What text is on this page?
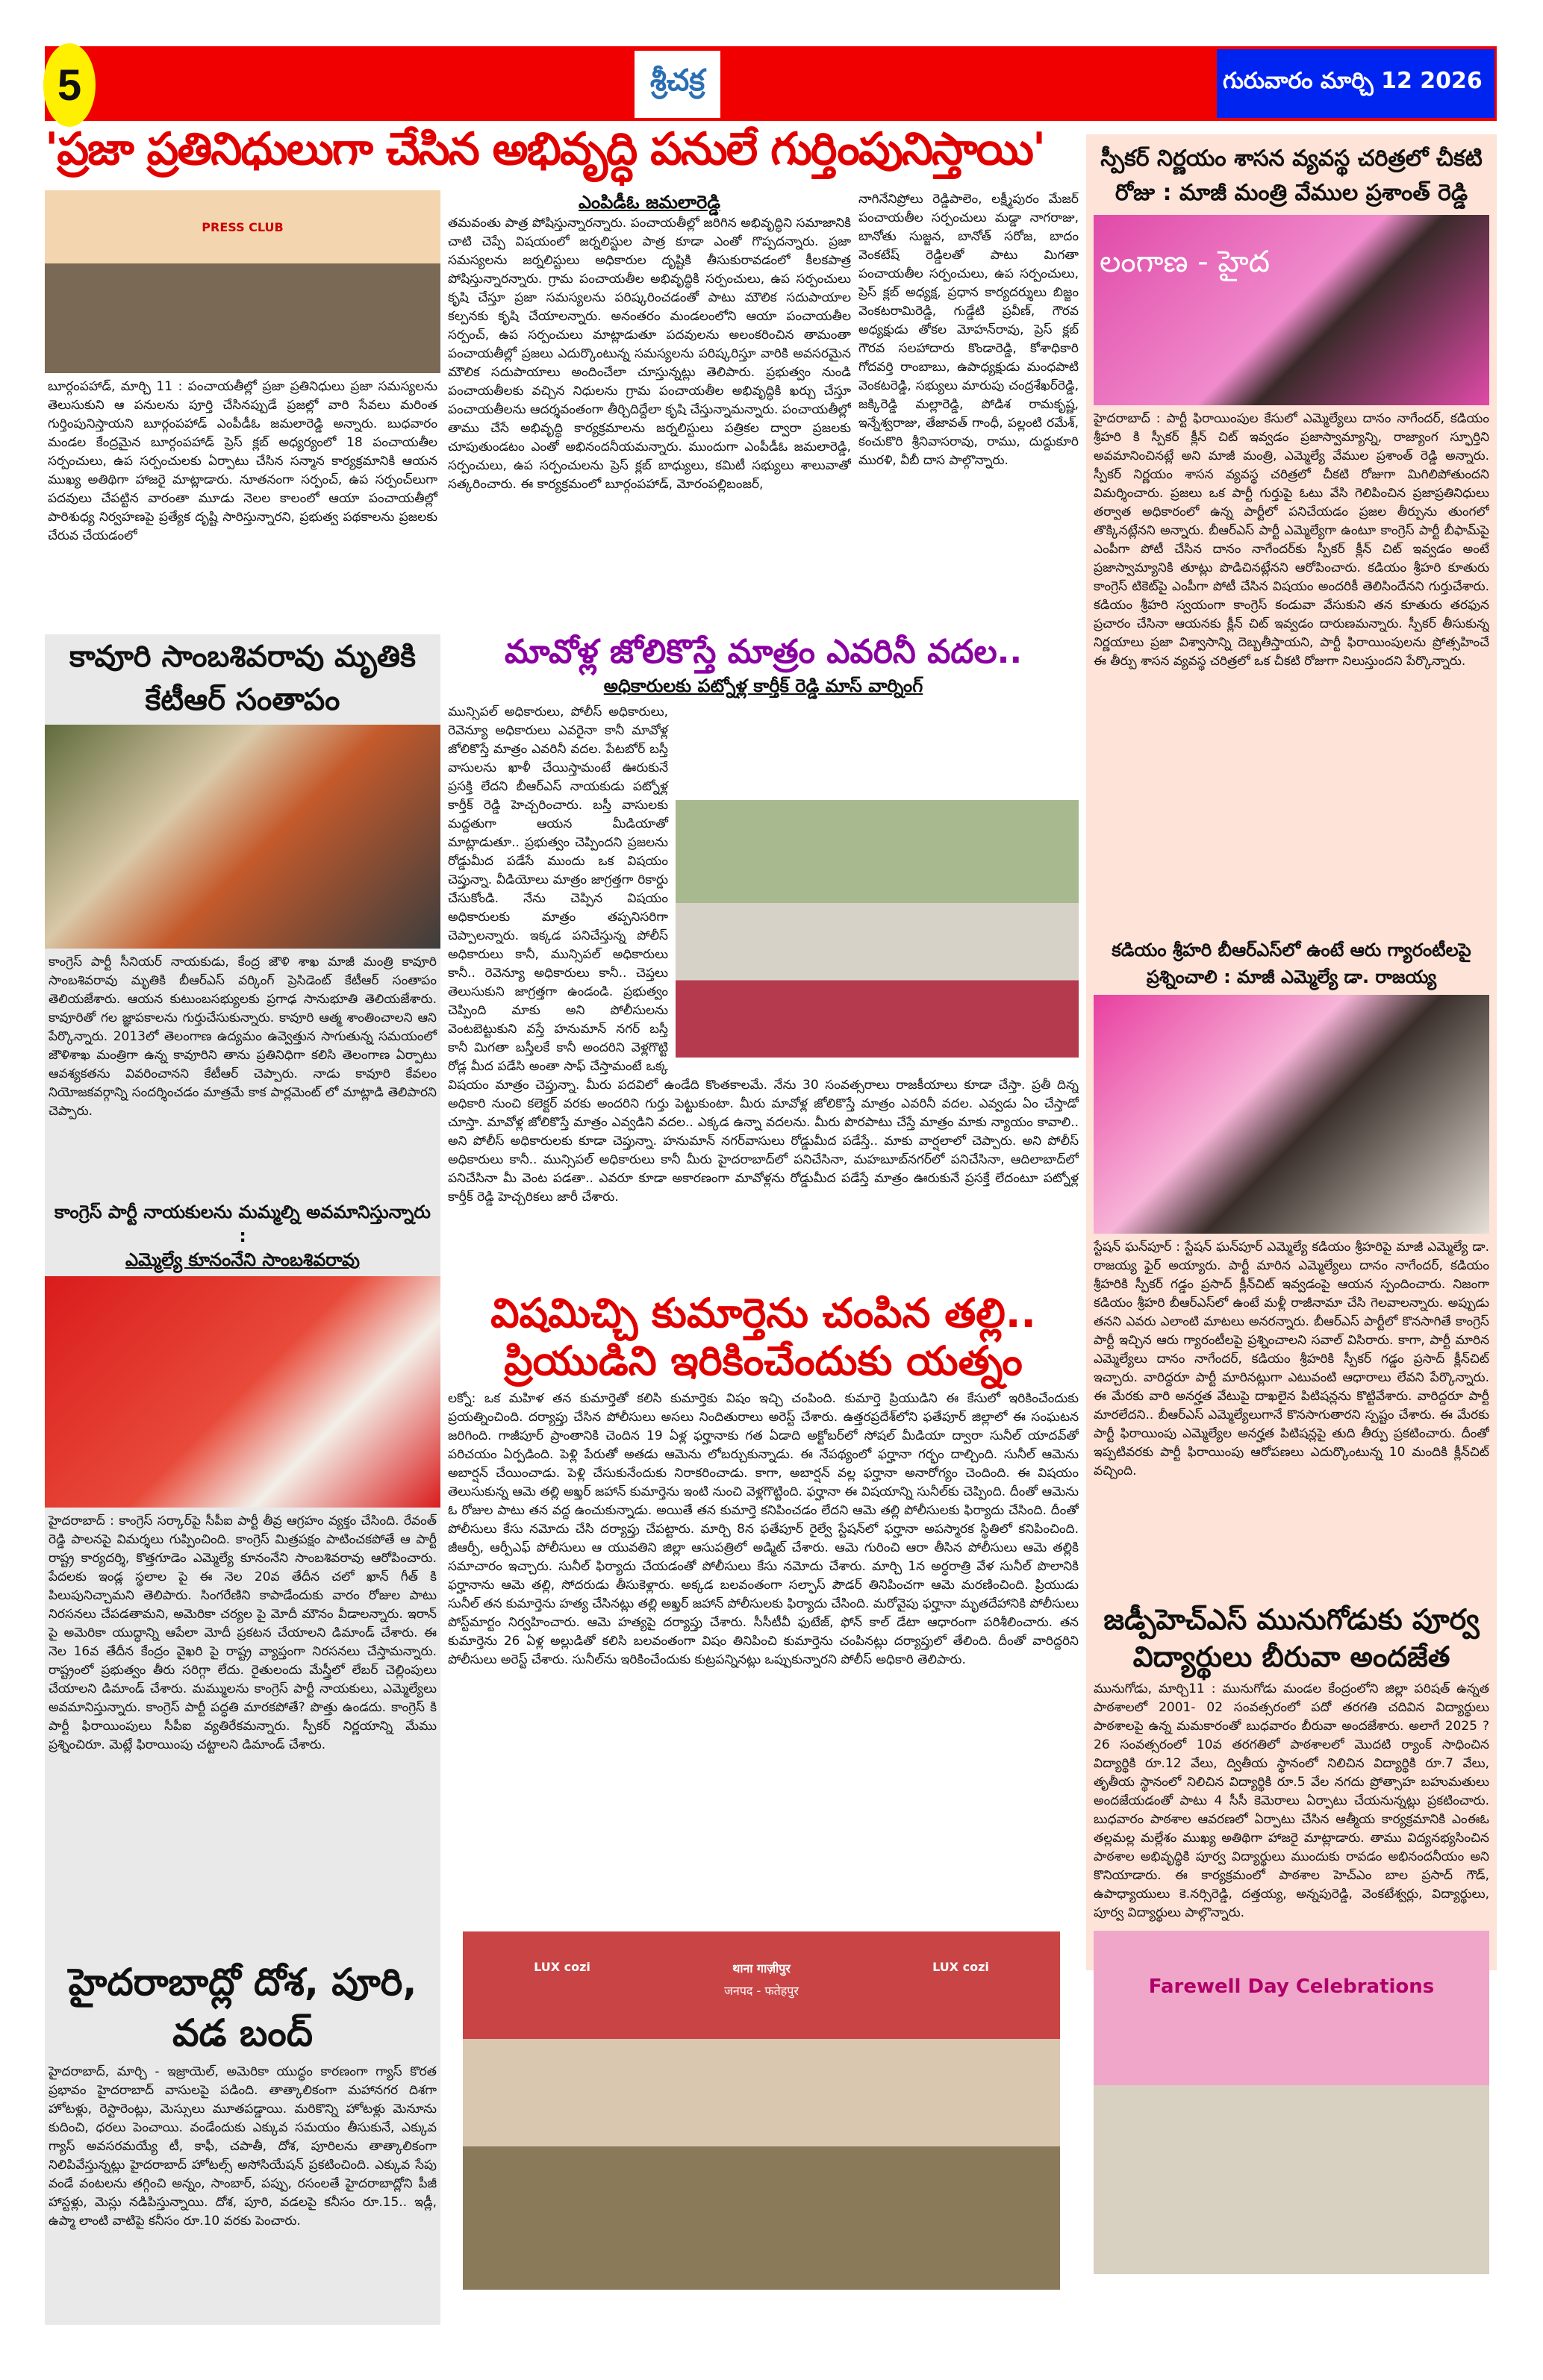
5	శ్రీచక్ర	గురువారం మార్చి 12 2026
'ప్రజా ప్రతినిధులుగా చేసిన అభివృద్ధి పనులే గుర్తింపునిస్తాయి'
PRESS CLUB
బూర్గంపహాడ్, మార్చి 11 : పంచాయతీల్లో ప్రజా ప్రతినిధులు ప్రజా సమస్యలను తెలుసుకుని ఆ పనులను పూర్తి చేసినప్పుడే ప్రజల్లో వారి సేవలు మరింత గుర్తింపునిస్తాయని బూర్గంపహాడ్ ఎంపీడీఓ జమలారెడ్డి అన్నారు. బుధవారం మండల కేంద్రమైన బూర్గంపహాడ్ ప్రెస్ క్లబ్ అధ్యర్యంలో 18 పంచాయతీల సర్పంచులు, ఉప సర్పంచులకు ఏర్పాటు చేసిన సన్మాన కార్యక్రమానికి ఆయన ముఖ్య అతిథిగా హాజరై మాట్లాడారు. నూతనంగా సర్పంచ్, ఉప సర్పంచ్‌లుగా పదవులు చేపట్టిన వారంతా మూడు నెలల కాలంలో ఆయా పంచాయతీల్లో పారిశుధ్య నిర్వహణపై ప్రత్యేక దృష్టి సారిస్తున్నారని, ప్రభుత్వ పథకాలను ప్రజలకు చేరువ చేయడంలో
కావూరి సాంబశివరావు మృతికి కేటీఆర్ సంతాపం
కాంగ్రెస్ పార్టీ సీనియర్ నాయకుడు, కేంద్ర జౌళి శాఖ మాజీ మంత్రి కావూరి సాంబశివరావు మృతికి బీఆర్‌ఎస్ వర్కింగ్ ప్రెసిడెంట్ కేటీఆర్ సంతాపం తెలియజేశారు. ఆయన కుటుంబసభ్యులకు ప్రగాఢ సానుభూతి తెలియజేశారు. కావూరితో గల జ్ఞాపకాలను గుర్తుచేసుకున్నారు. కావూరి ఆత్మ శాంతించాలని ఆని పేర్కొన్నారు. 2013లో తెలంగాణ ఉద్యమం ఉవ్వెత్తున సాగుతున్న సమయంలో జౌళిశాఖ మంత్రిగా ఉన్న కావూరిని తాను ప్రతినిధిగా కలిసి తెలంగాణ ఏర్పాటు ఆవశ్యకతను వివరించానని కేటీఆర్ చెప్పారు. నాడు కావూరి కేవలం నియోజకవర్గాన్ని సందర్శించడం మాత్రమే కాక పార్లమెంట్ లో మాట్లాడి తెలిపారని చెప్పారు.
కాంగ్రెస్ పార్టీ నాయకులను మమ్మల్ని అవమానిస్తున్నారు :
ఎమ్మెల్యే కూనంనేని సాంబశివరావు
హైదరాబాద్ : కాంగ్రెస్ సర్కార్‌పై సీపీఐ పార్టీ తీవ్ర ఆగ్రహం వ్యక్తం చేసింది. రేవంత్ రెడ్డి పాలనపై విమర్శలు గుప్పించింది. కాంగ్రెస్ మిత్రపక్షం పాటించకపోతే ఆ పార్టీ రాష్ట్ర కార్యదర్శి, కొత్తగూడెం ఎమ్మెల్యే కూనంనేని సాంబశివరావు ఆరోపించారు. పేదలకు ఇండ్ల స్థలాల పై ఈ నెల 20వ తేదీన చలో ఖాన్ గీత్ కి పిలుపునిచ్చామని తెలిపారు. సింగరేణిని కాపాడేందుకు వారం రోజుల పాటు నిరసనలు చేపడతామని, అమెరికా చర్యల పై మోదీ మౌనం వీడాలన్నారు. ఇరాన్ పై అమెరికా యుద్ధాన్ని ఆపేలా మోదీ ప్రకటన చేయాలని డిమాండ్ చేశారు. ఈ నెల 16వ తేదీన కేంద్రం వైఖరి పై రాష్ట్ర వ్యాప్తంగా నిరసనలు చేస్తామన్నారు. రాష్ట్రంలో ప్రభుత్వం తీరు సరిగ్గా లేదు. రైతులందు మేస్త్రీలో లేబర్ చెల్లింపులు చేయాలని డిమాండ్ చేశారు. మమ్ములను కాంగ్రెస్ పార్టీ నాయకులు, ఎమ్మెల్యేలు అవమానిస్తున్నారు. కాంగ్రెస్ పార్టీ పద్ధతి మారకపోతే? పొత్తు ఉండదు. కాంగ్రెస్ కి పార్టీ ఫిరాయింపులు సీపీఐ వ్యతిరేకమన్నారు. స్పీకర్ నిర్ణయాన్ని మేము ప్రశ్నించిరూ. మెట్లే ఫిరాయింపు చట్టాలని డిమాండ్ చేశారు.
హైదరాబాద్లో దోశ, పూరి, వడ బంద్
హైదరాబాద్, మార్చి - ఇజ్రాయెల్, అమెరికా యుద్ధం కారణంగా గ్యాస్ కొరత ప్రభావం హైదరాబాద్ వాసులపై పడింది. తాత్కాలికంగా మహానగర దిశగా హోటళ్లు, రెస్టారెంట్లు, మెస్సులు మూతపడ్డాయి. మరికొన్ని హోటళ్లు మెనూను కుదించి, ధరలు పెంచాయి. వండేందుకు ఎక్కువ సమయం తీసుకునే, ఎక్కువ గ్యాస్ అవసరమయ్యే టీ, కాఫీ, చపాతీ, దోశ, పూరిలను తాత్కాలికంగా నిలిపివేస్తున్నట్లు హైదరాబాద్ హోటల్స్ అసోసియేషన్ ప్రకటించింది. ఎక్కువ సేపు వండే వంటలను తగ్గించి అన్నం, సాంబార్, పప్పు, రసంలతే హైదరాబాద్లోని పీజీ హాస్టళ్లు, మెస్లు నడిపిస్తున్నాయి. దోశ, పూరి, వడలపై కనీసం రూ.15.. ఇడ్లీ, ఉప్మా లాంటి వాటిపై కనీసం రూ.10 వరకు పెంచారు.
ఎంపిడీఓ జమలారెడ్డి
తమవంతు పాత్ర పోషిస్తున్నారన్నారు. పంచాయతీల్లో జరిగిన అభివృద్ధిని సమాజానికి చాటి చెప్పే విషయంలో జర్నలిస్టుల పాత్ర కూడా ఎంతో గొప్పదన్నారు. ప్రజా సమస్యలను జర్నలిస్టులు అధికారుల దృష్టికి తీసుకురావడంలో కీలకపాత్ర పోషిస్తున్నారన్నారు. గ్రామ పంచాయతీల అభివృద్ధికి సర్పంచులు, ఉప సర్పంచులు కృషి చేస్తూ ప్రజా సమస్యలను పరిష్కరించడంతో పాటు మౌలిక సదుపాయాల కల్పనకు కృషి చేయాలన్నారు. అనంతరం మండలంలోని ఆయా పంచాయతీల సర్పంచ్, ఉప సర్పంచులు మాట్లాడుతూ పదవులను అలంకరించిన తామంతా పంచాయతీల్లో ప్రజలు ఎదుర్కొంటున్న సమస్యలను పరిష్కరిస్తూ వారికి అవసరమైన మౌలిక సదుపాయాలు అందించేలా చూస్తున్నట్లు తెలిపారు. ప్రభుత్వం నుండి పంచాయతీలకు వచ్చిన నిధులను గ్రామ పంచాయతీల అభివృద్ధికి ఖర్చు చేస్తూ పంచాయతీలను ఆదర్శవంతంగా తీర్చిదిద్దేలా కృషి చేస్తున్నామన్నారు. పంచాయతీల్లో తాము చేసే అభివృద్ధి కార్యక్రమాలను జర్నలిస్టులు పత్రికల ద్వారా ప్రజలకు చూపుతుండటం ఎంతో అభినందనీయమన్నారు. ముందుగా ఎంపీడీఓ జమలారెడ్డి, సర్పంచులు, ఉప సర్పంచులను ప్రెస్ క్లబ్ బాధ్యులు, కమిటీ సభ్యులు శాలువాతో సత్కరించారు. ఈ కార్యక్రమంలో బూర్గంపహాడ్, మోరంపల్లిబంజర్,
నాగినేనిప్రోలు రెడ్డిపాలెం, లక్ష్మీపురం మేజర్ పంచాయతీల సర్పంచులు మడ్డా నాగరాజు, బానోతు సుజ్జన, బానోత్ సరోజ, బాదం వెంకటేష్ రెడ్డిలతో పాటు మిగతా పంచాయతీల సర్పంచులు, ఉప సర్పంచులు, ప్రెస్ క్లబ్ అధ్యక్ష, ప్రధాన కార్యదర్శులు బిజ్జం వెంకటరామిరెడ్డి, గుడ్డేటి ప్రవీణ్, గౌరవ అధ్యక్షుడు తోకల మోహన్‌రావు, ప్రెస్ క్లబ్ గౌరవ సలహాదారు కొండారెడ్డి, కోశాధికారి గోదవర్తి రాంబాబు, ఉపాధ్యక్షుడు మంధపాటి వెంకటరెడ్డి, సభ్యులు మారుపు చంద్రశేఖర్‌రెడ్డి, జక్కిరెడ్డి మల్లారెడ్డి, పోడిశ రామకృష్ణ, ఇన్నేశ్వరాజు, తేజావత్ గాంధీ, పల్లంటి రమేశ్, కంచుకొరి శ్రీనివాసరావు, రాము, దుద్దుకూరి మురళి, వీబీ దాస పాల్గొన్నారు.
మావోళ్ల జోలికొస్తే మాత్రం ఎవరినీ వదల..
అధికారులకు పట్నోళ్ల కార్తీక్ రెడ్డి మాస్ వార్నింగ్
మున్సిపల్ అధికారులు, పోలీస్ అధికారులు, రెవెన్యూ అధికారులు ఎవరైనా కానీ మావోళ్ల జోలికొస్తే మాత్రం ఎవరినీ వదల. పేటబోర్ బస్తీ వాసులను ఖాళీ చేయిస్తామంటే ఊరుకునే ప్రసక్తి లేదని బీఆర్‌ఎస్ నాయకుడు పట్నోళ్ల కార్తీక్ రెడ్డి హెచ్చరించారు. బస్తీ వాసులకు మద్దతుగా ఆయన మీడియాతో మాట్లాడుతూ.. ప్రభుత్వం చెప్పిందని ప్రజలను రోడ్డుమీద పడేసే ముందు ఒక విషయం చెప్తున్నా. వీడియోలు మాత్రం జాగ్రత్తగా రికార్డు చేసుకోండి. నేను చెప్పిన విషయం అధికారులకు మాత్రం తప్పనిసరిగా చెప్పాలన్నారు. ఇక్కడ పనిచేస్తున్న పోలీస్ అధికారులు కానీ, మున్సిపల్ అధికారులు కానీ.. రెవెన్యూ అధికారులు కానీ.. చెప్తలు తెలుసుకుని జాగ్రత్తగా ఉండండి. ప్రభుత్వం చెప్పింది మాకు అని పోలీసులను వెంటబెట్టుకుని వస్తే హనుమాన్ నగర్ బస్తీ కానీ మిగతా బస్తీలకే కానీ అందరిని వెళ్లగొట్టి రోడ్ల మీద పడేసి అంతా సాఫ్ చేస్తామంటే ఒక్క విషయం మాత్రం చెప్తున్నా. మీరు పదవిలో ఉండేది కొంతకాలమే. నేను 30 సంవత్సరాలు రాజకీయాలు కూడా చేస్తా. ప్రతీ దిన్న అధికారి నుంచి కలెక్టర్ వరకు అందరిని గుర్తు పెట్టుకుంటా. మీరు మావోళ్ల జోలికొస్తే మాత్రం ఎవరినీ వదల. ఎవ్వడు ఏం చేస్తాడో చూస్తా. మావోళ్ల జోలికొస్తే మాత్రం ఎవ్వడిని వదల.. ఎక్కడ ఉన్నా వదలను. మీరు పొరపాటు చేస్తే మాత్రం మాకు న్యాయం కావాలి.. అని పోలీస్ అధికారులకు కూడా చెప్తున్నా. హనుమాన్ నగర్‌వాసులు రోడ్డుమీద పడేస్తే.. మాకు వార్షలాలో చెప్పారు. అని పోలీస్ అధికారులు కానీ.. మున్సిపల్ అధికారులు కానీ మీరు హైదరాబాద్‌లో పనిచేసినా, మహబూబ్‌నగర్‌లో పనిచేసినా, ఆదిలాబాద్‌లో పనిచేసినా మీ వెంట పడతా.. ఎవరూ కూడా అకారణంగా మావోళ్లను రోడ్డుమీద పడేస్తే మాత్రం ఊరుకునే ప్రసక్తే లేదంటూ పట్నోళ్ల కార్తీక్ రెడ్డి హెచ్చరికలు జారీ చేశారు.
విషమిచ్చి కుమార్తెను చంపిన తల్లి..
ప్రియుడిని ఇరికించేందుకు యత్నం
లక్నో: ఒక మహిళ తన కుమార్తెతో కలిసి కుమార్తెకు విషం ఇచ్చి చంపింది. కుమార్తె ప్రియుడిని ఈ కేసులో ఇరికించేందుకు ప్రయత్నించింది. దర్యాప్తు చేసిన పోలీసులు అసలు నిందితురాలు అరెస్ట్ చేశారు. ఉత్తరప్రదేశ్‌లోని ఫతేపూర్ జిల్లాలో ఈ సంఘటన జరిగింది. గాజీపూర్ ప్రాంతానికి చెందిన 19 ఏళ్ల ఫర్హానాకు గత ఏడాది అక్టోబర్‌లో సోషల్ మీడియా ద్వారా సునీల్ యాదవ్‌తో పరిచయం ఏర్పడింది. పెళ్లి పేరుతో అతడు ఆమెను లోబర్చుకున్నాడు. ఈ నేపథ్యంలో ఫర్హానా గర్భం దాల్చింది. సునీల్ ఆమెను అబార్షన్ చేయించాడు. పెళ్లి చేసుకునేందుకు నిరాకరించాడు. కాగా, అబార్షన్ వల్ల ఫర్హానా అనారోగ్యం చెందింది. ఈ విషయం తెలుసుకున్న ఆమె తల్లి అఖ్తర్ జహాన్ కుమార్తెను ఇంటి నుంచి వెళ్లగొట్టింది. ఫర్హానా ఈ విషయాన్ని సునీల్‌కు చెప్పింది. దీంతో ఆమెను ఓ రోజుల పాటు తన వద్ద ఉంచుకున్నాడు. అయితే తన కుమార్తె కనిపించడం లేదని ఆమె తల్లి పోలీసులకు ఫిర్యాదు చేసింది. దీంతో పోలీసులు కేసు నమోదు చేసి దర్యాప్తు చేపట్టారు. మార్చి 8న ఫతేపూర్ రైల్వే స్టేషన్‌లో ఫర్హానా అపస్మారక స్థితిలో కనిపించింది. జీఆర్పీ, ఆర్పీఎఫ్ పోలీసులు ఆ యువతిని జిల్లా ఆసుపత్రిలో అడ్మిట్ చేశారు. ఆమె గురించి ఆరా తీసిన పోలీసులు ఆమె తల్లికి సమాచారం ఇచ్చారు. సునీల్ ఫిర్యాదు చేయడంతో పోలీసులు కేసు నమోదు చేశారు. మార్చి 1న అర్ధరాత్రి వేళ సునీల్ పొలానికి ఫర్హానాను ఆమె తల్లి, సోదరుడు తీసుకెళ్లారు. అక్కడ బలవంతంగా సల్ఫాస్ పౌడర్ తినిపించగా ఆమె మరణించింది. ప్రియుడు సునీల్ తన కుమార్తెను హత్య చేసినట్లు తల్లి అఖ్తర్ జహాన్ పోలీసులకు ఫిర్యాదు చేసింది. మరోవైపు ఫర్హానా మృతదేహానికి పోలీసులు పోస్ట్‌మార్టం నిర్వహించారు. ఆమె హత్యపై దర్యాప్తు చేశారు. సీసీటీవీ ఫుటేజ్, ఫోన్ కాల్ డేటా ఆధారంగా పరిశీలించారు. తన కుమార్తెను 26 ఏళ్ల అల్లుడితో కలిసి బలవంతంగా విషం తినిపించి కుమార్తెను చంపినట్లు దర్యాప్తులో తేలింది. దీంతో వారిద్దరిని పోలీసులు అరెస్ట్ చేశారు. సునీల్‌ను ఇరికించేందుకు కుట్రపన్నినట్లు ఒప్పుకున్నారని పోలీస్ అధికారి తెలిపారు.
LUX cozi	थाना गाज़ीपुर	LUX cozi
जनपद - फतेहपुर
స్పీకర్ నిర్ణయం శాసన వ్యవస్థ చరిత్రలో చీకటి రోజు : మాజీ మంత్రి వేముల ప్రశాంత్ రెడ్డి
లంగాణ - హైద
హైదరాబాద్ : పార్టీ ఫిరాయింపుల కేసులో ఎమ్మెల్యేలు దానం నాగేందర్, కడియం శ్రీహరి కి స్పీకర్ క్లీన్ చిట్ ఇవ్వడం ప్రజాస్వామ్యాన్ని, రాజ్యాంగ స్ఫూర్తిని అవమానించినట్లే అని మాజీ మంత్రి, ఎమ్మెల్యే వేముల ప్రశాంత్ రెడ్డి అన్నారు. స్పీకర్ నిర్ణయం శాసన వ్యవస్థ చరిత్రలో చీకటి రోజుగా మిగిలిపోతుందని విమర్శించారు. ప్రజలు ఒక పార్టీ గుర్తుపై ఓటు వేసి గెలిపించిన ప్రజాప్రతినిధులు తర్వాత అధికారంలో ఉన్న పార్టీలో పనిచేయడం ప్రజల తీర్పును తుంగలో తొక్కినట్లేనని అన్నారు. బీఆర్‌ఎస్ పార్టీ ఎమ్మెల్యేగా ఉంటూ కాంగ్రెస్ పార్టీ బీఫామ్‌పై ఎంపీగా పోటీ చేసిన దానం నాగేందర్‌కు స్పీకర్ క్లీన్ చిట్ ఇవ్వడం అంటే ప్రజాస్వామ్యానికి తూట్లు పొడిచినట్లేనని ఆరోపించారు. కడియం శ్రీహరి కూతురు కాంగ్రెస్ టికెట్‌పై ఎంపీగా పోటీ చేసిన విషయం అందరికీ తెలిసిందేనని గుర్తుచేశారు. కడియం శ్రీహరి స్వయంగా కాంగ్రెస్ కండువా వేసుకుని తన కూతురు తరఫున ప్రచారం చేసినా ఆయనకు క్లీన్ చిట్ ఇవ్వడం దారుణమన్నారు. స్పీకర్ తీసుకున్న నిర్ణయాలు ప్రజా విశ్వాసాన్ని దెబ్బతీస్తాయని, పార్టీ ఫిరాయింపులను ప్రోత్సహించే ఈ తీర్పు శాసన వ్యవస్థ చరిత్రలో ఒక చీకటి రోజుగా నిలుస్తుందని పేర్కొన్నారు.
కడియం శ్రీహరి బీఆర్ఎస్‌లో ఉంటే ఆరు గ్యారంటీలపై ప్రశ్నించాలి : మాజీ ఎమ్మెల్యే డా. రాజయ్య
స్టేషన్ ఘన్‌పూర్ : స్టేషన్ ఘన్‌పూర్ ఎమ్మెల్యే కడియం శ్రీహరిపై మాజీ ఎమ్మెల్యే డా. రాజయ్య ఫైర్ అయ్యారు. పార్టీ మారిన ఎమ్మెల్యేలు దానం నాగేందర్, కడియం శ్రీహరికి స్పీకర్ గడ్డం ప్రసాద్ క్లీన్‌చిట్ ఇవ్వడంపై ఆయన స్పందించారు. నిజంగా కడియం శ్రీహరి బీఆర్ఎస్‌లో ఉంటే మళ్లీ రాజీనామా చేసి గెలవాలన్నారు. అప్పుడు తనని ఎవరు ఎలాంటి మాటలు అనరన్నారు. బీఆర్ఎస్ పార్టీలో కొనసాగితే కాంగ్రెస్ పార్టీ ఇచ్చిన ఆరు గ్యారంటీలపై ప్రశ్నించాలని సవాల్ విసిరారు. కాగా, పార్టీ మారిన ఎమ్మెల్యేలు దానం నాగేందర్, కడియం శ్రీహరికి స్పీకర్ గడ్డం ప్రసాద్ క్లీన్‌చిట్ ఇచ్చారు. వారిద్దరూ పార్టీ మారినట్లుగా ఎటువంటి ఆధారాలు లేవని పేర్కొన్నారు. ఈ మేరకు వారి అనర్హత వేటుపై దాఖలైన పిటిషన్లను కొట్టివేశారు. వారిద్దరూ పార్టీ మారలేదని.. బీఆర్ఎస్ ఎమ్మెల్యేలుగానే కొనసాగుతారని స్పష్టం చేశారు. ఈ మేరకు పార్టీ ఫిరాయింపు ఎమ్మెల్యేల అనర్హత పిటిషన్లపై తుది తీర్పు ప్రకటించారు. దీంతో ఇప్పటివరకు పార్టీ ఫిరాయింపు ఆరోపణలు ఎదుర్కొంటున్న 10 మందికి క్లీన్‌చిట్ వచ్చింది.
జడ్పీహెచ్ఎస్ మునుగోడుకు పూర్వ విద్యార్థులు బీరువా అందజేత
మునుగోడు, మార్చి11 : మునుగోడు మండల కేంద్రంలోని జిల్లా పరిషత్ ఉన్నత పాఠశాలలో 2001- 02 సంవత్సరంలో పదో తరగతి చదివిన విద్యార్థులు పాఠశాలపై ఉన్న మమకారంతో బుధవారం బీరువా అందజేశారు. అలాగే 2025 ? 26 సంవత్సరంలో 10వ తరగతిలో పాఠశాలలో మొదటి ర్యాంక్ సాధించిన విద్యార్థికి రూ.12 వేలు, ద్వితీయ స్థానంలో నిలిచిన విద్యార్థికి రూ.7 వేలు, తృతీయ స్థానంలో నిలిచిన విద్యార్థికి రూ.5 వేల నగదు ప్రోత్సాహ బహుమతులు అందజేయడంతో పాటు 4 సీసీ కెమెరాలు ఏర్పాటు చేయనున్నట్లు ప్రకటించారు. బుధవారం పాఠశాల ఆవరణలో ఏర్పాటు చేసిన ఆత్మీయ కార్యక్రమానికి ఎంఈఓ తల్లమల్ల మల్లేశం ముఖ్య అతిథిగా హాజరై మాట్లాడారు. తాము విద్యనభ్యసించిన పాఠశాల అభివృద్ధికి పూర్వ విద్యార్థులు ముందుకు రావడం అభినందనీయం అని కొనియాడారు. ఈ కార్యక్రమంలో పాఠశాల హెచ్‌ఎం బాల ప్రసాద్ గౌడ్, ఉపాధ్యాయులు కె.నర్సిరెడ్డి, దత్తయ్య, అన్నపురెడ్డి, వెంకటేశ్వర్లు, విద్యార్థులు, పూర్వ విద్యార్థులు పాల్గొన్నారు.
Farewell Day Celebrations
